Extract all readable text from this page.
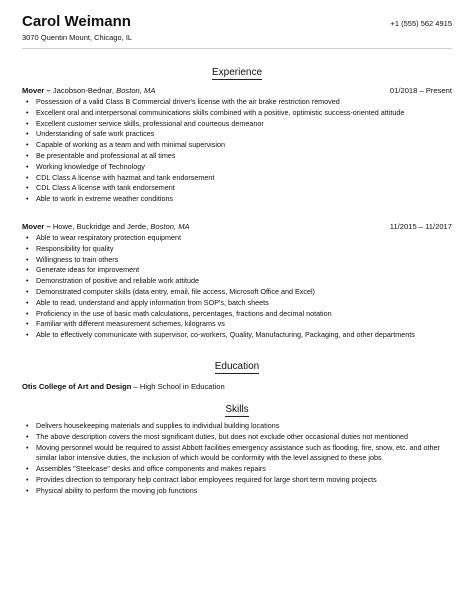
Carol Weimann
3070 Quentin Mount, Chicago, IL
+1 (555) 562 4915

Experience

Mover – Jacobson-Bednar, Boston, MA	01/2018 – Present
• Possession of a valid Class B Commercial driver's license with the air brake restriction removed
• Excellent oral and interpersonal communications skills combined with a positive, optimistic success-oriented attitude
• Excellent customer service skills, professional and courteous demeanor
• Understanding of safe work practices
• Capable of working as a team and with minimal supervision
• Be presentable and professional at all times
• Working knowledge of Technology
• CDL Class A license with hazmat and tank endorsement
• CDL Class A license with tank endorsement
• Able to work in extreme weather conditions
Mover – Howe, Buckridge and Jerde, Boston, MA	11/2015 – 11/2017
• Able to wear respiratory protection equipment
• Responsibility for quality
• Willingness to train others
• Generate ideas for improvement
• Demonstration of positive and reliable work attitude
• Demonstrated computer skills (data entry, email, file access, Microsoft Office and Excel)
• Able to read, understand and apply information from SOP's, batch sheets
• Proficiency in the use of basic math calculations, percentages, fractions and decimal notation
• Familiar with different measurement schemes, kilograms vs
• Able to effectively communicate with supervisor, co-workers, Quality, Manufacturing, Packaging, and other departments

Education

Otis College of Art and Design – High School in Education

Skills

• Delivers housekeeping materials and supplies to individual building locations
• The above description covers the most significant duties, but does not exclude other occasional duties not mentioned
• Moving personnel would be required to assist Abbott facilities emergency assistance such as flooding, fire, snow, etc. and other similar labor intensive duties, the inclusion of which would be conformity with the level assigned to these jobs
• Assembles "Steelcase" desks and office components and makes repairs
• Provides direction to temporary help contract labor employees required for large short term moving projects
• Physical ability to perform the moving job functions
